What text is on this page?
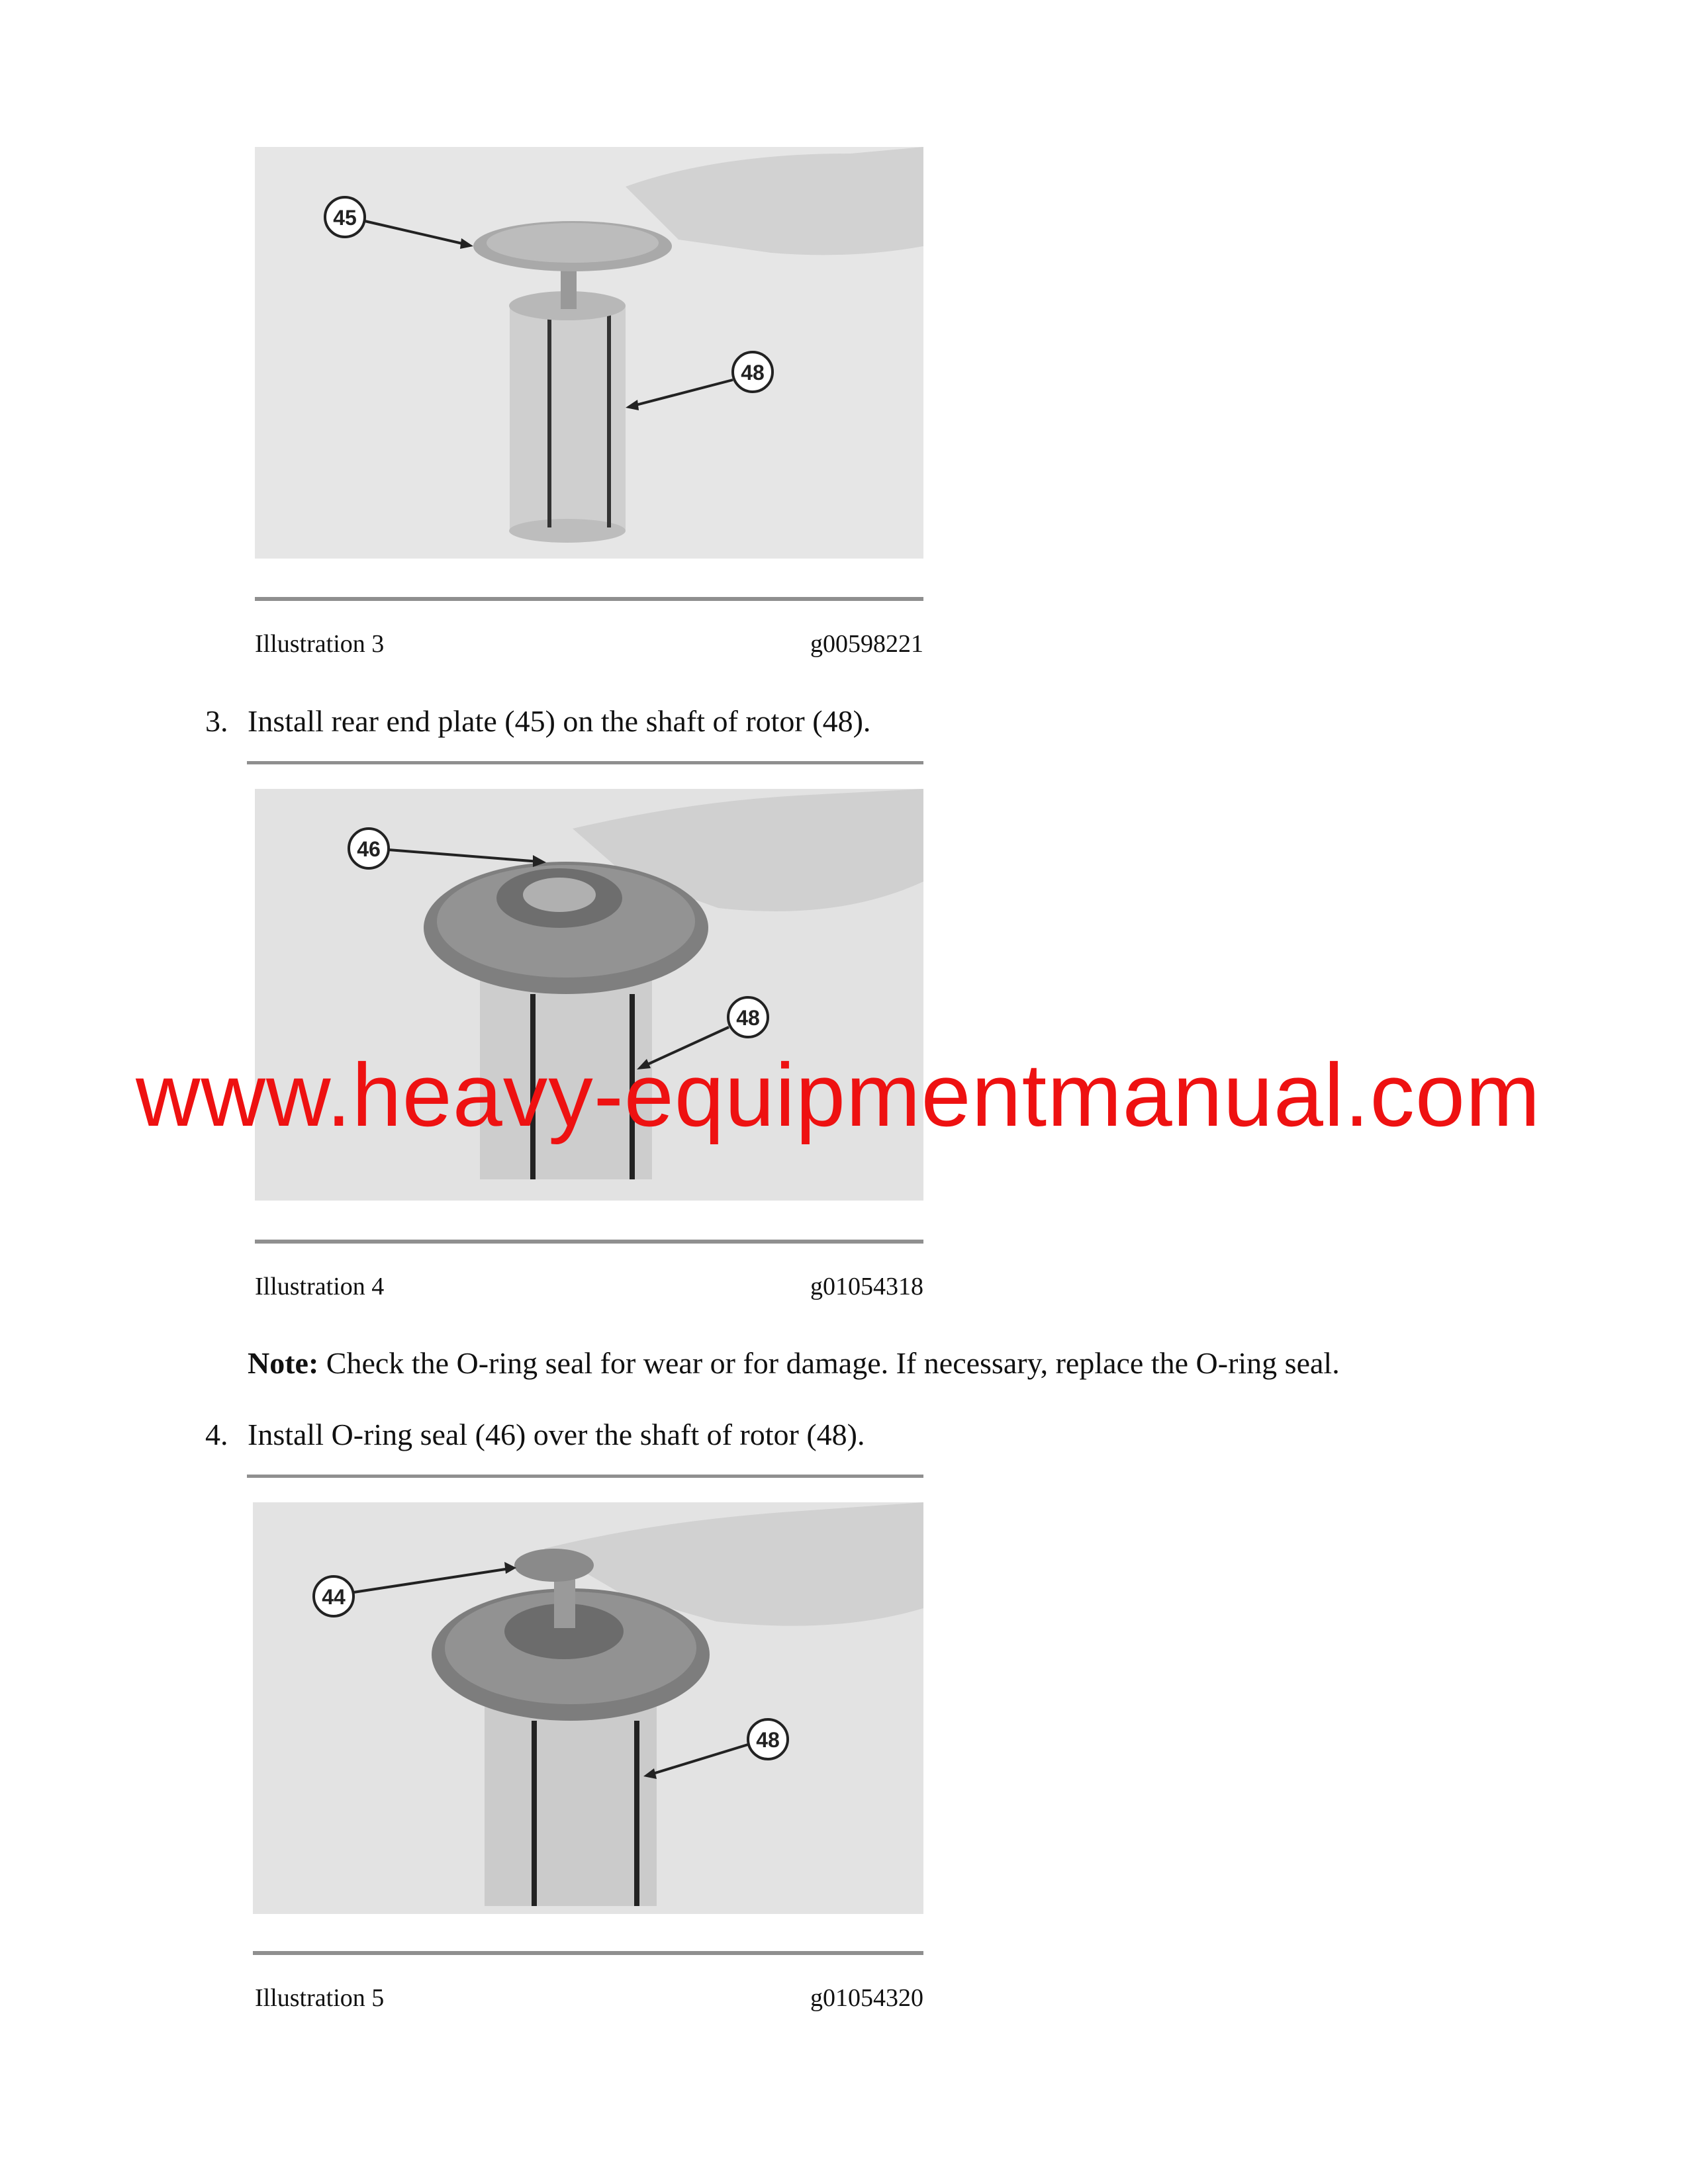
45
48
Illustration 3	g00598221
3. Install rear end plate (45) on the shaft of rotor (48).
46
48
Illustration 4	g01054318
Note: Check the O-ring seal for wear or for damage. If necessary, replace the O-ring seal.
4. Install O-ring seal (46) over the shaft of rotor (48).
44
48
Illustration 5	g01054320
www.heavy-equipmentmanual.com
